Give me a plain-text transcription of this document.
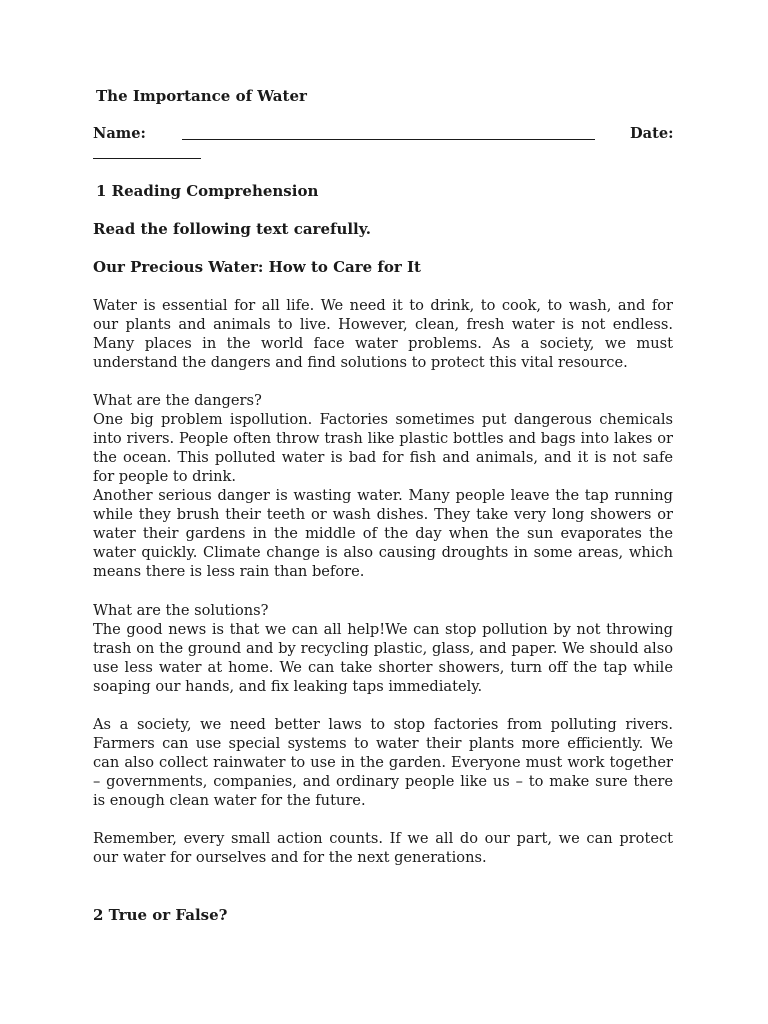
The Importance of Water
Name:	Date:
1 Reading Comprehension
Read the following text carefully.
Our Precious Water: How to Care for It
Water is essential for all life. We need it to drink, to cook, to wash, and for our plants and animals to live. However, clean, fresh water is not endless. Many places in the world face water problems. As a society, we must understand the dangers and find solutions to protect this vital resource.
What are the dangers?
One big problem ispollution. Factories sometimes put dangerous chemicals into rivers. People often throw trash like plastic bottles and bags into lakes or the ocean. This polluted water is bad for fish and animals, and it is not safe for people to drink.
Another serious danger is wasting water. Many people leave the tap running while they brush their teeth or wash dishes. They take very long showers or water their gardens in the middle of the day when the sun evaporates the water quickly. Climate change is also causing droughts in some areas, which means there is less rain than before.
What are the solutions?
The good news is that we can all help!We can stop pollution by not throwing trash on the ground and by recycling plastic, glass, and paper. We should also use less water at home. We can take shorter showers, turn off the tap while soaping our hands, and fix leaking taps immediately.
As a society, we need better laws to stop factories from polluting rivers. Farmers can use special systems to water their plants more efficiently. We can also collect rainwater to use in the garden. Everyone must work together – governments, companies, and ordinary people like us – to make sure there is enough clean water for the future.
Remember, every small action counts. If we all do our part, we can protect our water for ourselves and for the next generations.
2 True or False?
